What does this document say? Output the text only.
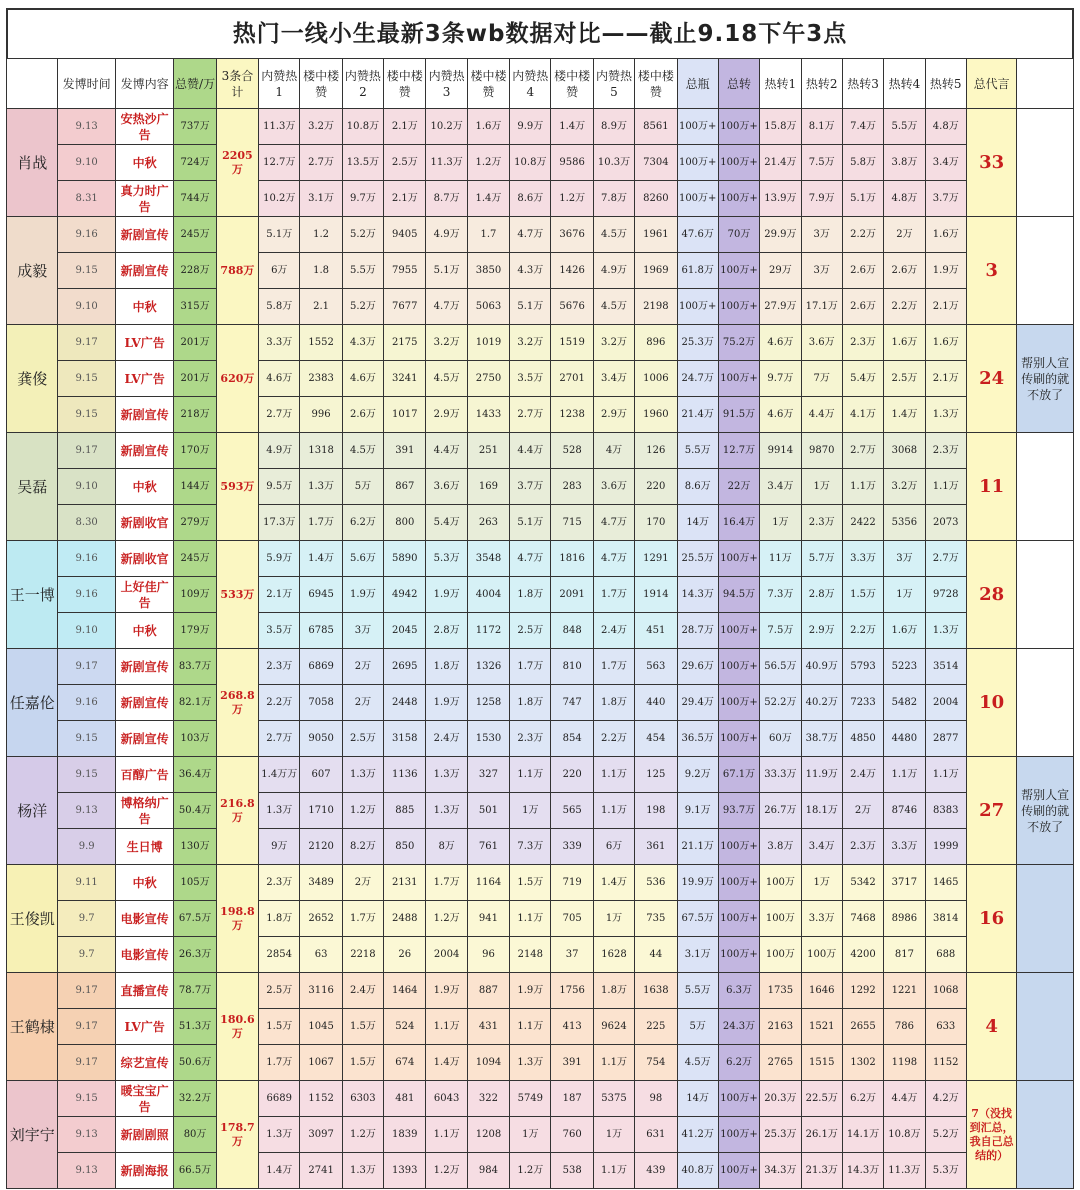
热门一线小生最新3条wb数据对比——截止9.18下午3点
	发博时间	发博内容	总赞/万	3条合计	内赞热1	楼中楼赞	内赞热2	楼中楼赞	内赞热3	楼中楼赞	内赞热4	楼中楼赞	内赞热5	楼中楼赞	总瓶	总转	热转1	热转2	热转3	热转4	热转5	总代言	
肖战	9.13	安热沙广告	737万	2205万	11.3万	3.2万	10.8万	2.1万	10.2万	1.6万	9.9万	1.4万	8.9万	8561	100万+	100万+	15.8万	8.1万	7.4万	5.5万	4.8万	33	
	9.10	中秋	724万		12.7万	2.7万	13.5万	2.5万	11.3万	1.2万	10.8万	9586	10.3万	7304	100万+	100万+	21.4万	7.5万	5.8万	3.8万	3.4万		
	8.31	真力时广告	744万		10.2万	3.1万	9.7万	2.1万	8.7万	1.4万	8.6万	1.2万	7.8万	8260	100万+	100万+	13.9万	7.9万	5.1万	4.8万	3.7万		
成毅	9.16	新剧宣传	245万	788万	5.1万	1.2	5.2万	9405	4.9万	1.7	4.7万	3676	4.5万	1961	47.6万	70万	29.9万	3万	2.2万	2万	1.6万	3	
	9.15	新剧宣传	228万		6万	1.8	5.5万	7955	5.1万	3850	4.3万	1426	4.9万	1969	61.8万	100万+	29万	3万	2.6万	2.6万	1.9万		
	9.10	中秋	315万		5.8万	2.1	5.2万	7677	4.7万	5063	5.1万	5676	4.5万	2198	100万+	100万+	27.9万	17.1万	2.6万	2.2万	2.1万		
龚俊	9.17	LV广告	201万	620万	3.3万	1552	4.3万	2175	3.2万	1019	3.2万	1519	3.2万	896	25.3万	75.2万	4.6万	3.6万	2.3万	1.6万	1.6万	24	帮别人宣传刷的就不放了
	9.15	LV广告	201万		4.6万	2383	4.6万	3241	4.5万	2750	3.5万	2701	3.4万	1006	24.7万	100万+	9.7万	7万	5.4万	2.5万	2.1万		
	9.15	新剧宣传	218万		2.7万	996	2.6万	1017	2.9万	1433	2.7万	1238	2.9万	1960	21.4万	91.5万	4.6万	4.4万	4.1万	1.4万	1.3万		
吴磊	9.17	新剧宣传	170万	593万	4.9万	1318	4.5万	391	4.4万	251	4.4万	528	4万	126	5.5万	12.7万	9914	9870	2.7万	3068	2.3万	11	
	9.10	中秋	144万		9.5万	1.3万	5万	867	3.6万	169	3.7万	283	3.6万	220	8.6万	22万	3.4万	1万	1.1万	3.2万	1.1万		
	8.30	新剧收官	279万		17.3万	1.7万	6.2万	800	5.4万	263	5.1万	715	4.7万	170	14万	16.4万	1万	2.3万	2422	5356	2073		
王一博	9.16	新剧收官	245万	533万	5.9万	1.4万	5.6万	5890	5.3万	3548	4.7万	1816	4.7万	1291	25.5万	100万+	11万	5.7万	3.3万	3万	2.7万	28	
	9.16	上好佳广告	109万		2.1万	6945	1.9万	4942	1.9万	4004	1.8万	2091	1.7万	1914	14.3万	94.5万	7.3万	2.8万	1.5万	1万	9728		
	9.10	中秋	179万		3.5万	6785	3万	2045	2.8万	1172	2.5万	848	2.4万	451	28.7万	100万+	7.5万	2.9万	2.2万	1.6万	1.3万		
任嘉伦	9.17	新剧宣传	83.7万	268.8万	2.3万	6869	2万	2695	1.8万	1326	1.7万	810	1.7万	563	29.6万	100万+	56.5万	40.9万	5793	5223	3514	10	
	9.16	新剧宣传	82.1万		2.2万	7058	2万	2448	1.9万	1258	1.8万	747	1.8万	440	29.4万	100万+	52.2万	40.2万	7233	5482	2004		
	9.15	新剧宣传	103万		2.7万	9050	2.5万	3158	2.4万	1530	2.3万	854	2.2万	454	36.5万	100万+	60万	38.7万	4850	4480	2877		
杨洋	9.15	百醇广告	36.4万	216.8万	1.4万万	607	1.3万	1136	1.3万	327	1.1万	220	1.1万	125	9.2万	67.1万	33.3万	11.9万	2.4万	1.1万	1.1万	27	帮别人宣传刷的就不放了
	9.13	博格纳广告	50.4万		1.3万	1710	1.2万	885	1.3万	501	1万	565	1.1万	198	9.1万	93.7万	26.7万	18.1万	2万	8746	8383		
	9.9	生日博	130万		9万	2120	8.2万	850	8万	761	7.3万	339	6万	361	21.1万	100万+	3.8万	3.4万	2.3万	3.3万	1999		
王俊凯	9.11	中秋	105万	198.8万	2.3万	3489	2万	2131	1.7万	1164	1.5万	719	1.4万	536	19.9万	100万+	100万	1万	5342	3717	1465	16	
	9.7	电影宣传	67.5万		1.8万	2652	1.7万	2488	1.2万	941	1.1万	705	1万	735	67.5万	100万+	100万	3.3万	7468	8986	3814		
	9.7	电影宣传	26.3万		2854	63	2218	26	2004	96	2148	37	1628	44	3.1万	100万+	100万	100万	4200	817	688		
王鹤棣	9.17	直播宣传	78.7万	180.6万	2.5万	3116	2.4万	1464	1.9万	887	1.9万	1756	1.8万	1638	5.5万	6.3万	1735	1646	1292	1221	1068	4	
	9.17	LV广告	51.3万		1.5万	1045	1.5万	524	1.1万	431	1.1万	413	9624	225	5万	24.3万	2163	1521	2655	786	633		
	9.17	综艺宣传	50.6万		1.7万	1067	1.5万	674	1.4万	1094	1.3万	391	1.1万	754	4.5万	6.2万	2765	1515	1302	1198	1152		
刘宇宁	9.15	暖宝宝广告	32.2万	178.7万	6689	1152	6303	481	6043	322	5749	187	5375	98	14万	100万+	20.3万	22.5万	6.2万	4.4万	4.2万	7（没找到汇总，我自己总结的）	
	9.13	新剧剧照	80万		1.3万	3097	1.2万	1839	1.1万	1208	1万	760	1万	631	41.2万	100万+	25.3万	26.1万	14.1万	10.8万	5.2万		
	9.13	新剧海报	66.5万		1.4万	2741	1.3万	1393	1.2万	984	1.2万	538	1.1万	439	40.8万	100万+	34.3万	21.3万	14.3万	11.3万	5.3万		
